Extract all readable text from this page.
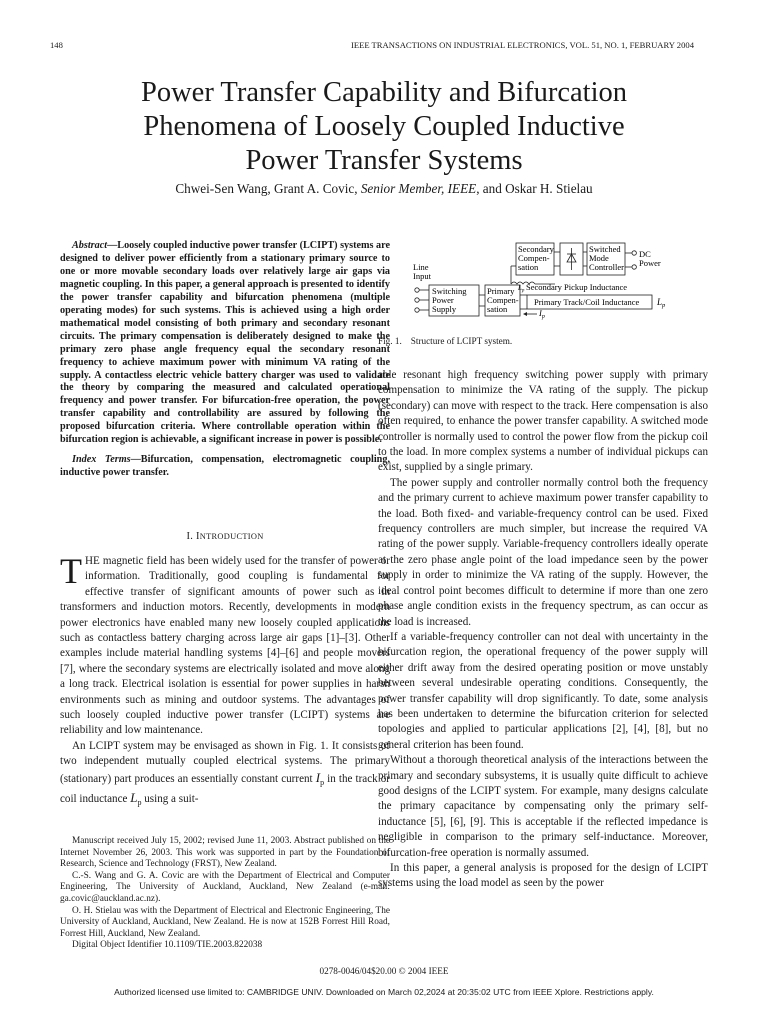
148	IEEE TRANSACTIONS ON INDUSTRIAL ELECTRONICS, VOL. 51, NO. 1, FEBRUARY 2004
Power Transfer Capability and Bifurcation
Phenomena of Loosely Coupled Inductive
Power Transfer Systems
Chwei-Sen Wang, Grant A. Covic, Senior Member, IEEE, and Oskar H. Stielau

Abstract—Loosely coupled inductive power transfer (LCIPT) systems are designed to deliver power efficiently from a stationary primary source to one or more movable secondary loads over relatively large air gaps via magnetic coupling. In this paper, a general approach is presented to identify the power transfer capability and bifurcation phenomena (multiple operating modes) for such systems. This is achieved using a high order mathematical model consisting of both primary and secondary resonant circuits. The primary compensation is deliberately designed to make the primary zero phase angle frequency equal the secondary resonant frequency to achieve maximum power with minimum VA rating of the supply. A contactless electric vehicle battery charger was used to validate the theory by comparing the measured and calculated operational frequency and power transfer. For bifurcation-free operation, the power transfer capability and controllability are assured by following the proposed bifurcation criteria. Where controllable operation within the bifurcation region is achievable, a significant increase in power is possible.

Index Terms—Bifurcation, compensation, electromagnetic coupling, inductive power transfer.

I. INTRODUCTION

THE magnetic field has been widely used for the transfer of power or information. Traditionally, good coupling is fundamental for effective transfer of significant amounts of power such as in transformers and induction motors. Recently, developments in modern power electronics have enabled many new loosely coupled applications such as contactless battery charging across large air gaps [1]–[3]. Other examples include material handling systems [4]–[6] and people movers [7], where the secondary systems are electrically isolated and move along a long track. Electrical isolation is essential for power supplies in harsh environments such as mining and outdoor systems. The advantages of such loosely coupled inductive power transfer (LCIPT) systems are reliability and low maintenance.

An LCIPT system may be envisaged as shown in Fig. 1. It consists of two independent mutually coupled electrical systems. The primary (stationary) part produces an essentially constant current $I_p$ in the track or coil inductance $L_p$ using a suit-

Manuscript received July 15, 2002; revised June 11, 2003. Abstract published on the Internet November 26, 2003. This work was supported in part by the Foundation of Research, Science and Technology (FRST), New Zealand.

C.-S. Wang and G. A. Covic are with the Department of Electrical and Computer Engineering, The University of Auckland, Auckland, New Zealand (e-mail: ga.covic@auckland.ac.nz).

O. H. Stielau was with the Department of Electrical and Electronic Engineering, The University of Auckland, Auckland, New Zealand. He is now at 152B Forrest Hill Road, Forrest Hill, Auckland, New Zealand.

Digital Object Identifier 10.1109/TIE.2003.822038

Line
Input
Switching
Power
Supply
Primary
Compen-
sation
Primary Track/Coil Inductance $L_p$
$I_p$
$L_p$ Secondary Pickup Inductance
Secondary
Compen-
sation
Switched
Mode
Controller
DC
Power
Fig. 1. Structure of LCIPT system.

able resonant high frequency switching power supply with primary compensation to minimize the VA rating of the supply. The pickup (secondary) can move with respect to the track. Here compensation is also often required, to enhance the power transfer capability. A switched mode controller is normally used to control the power flow from the pickup coil to the load. In more complex systems a number of individual pickups can exist, supplied by a single primary.

The power supply and controller normally control both the frequency and the primary current to achieve maximum power transfer capability to the load. Both fixed- and variable-frequency control can be used. Fixed frequency controllers are much simpler, but increase the required VA rating of the power supply. Variable-frequency controllers ideally operate at the zero phase angle point of the load impedance seen by the power supply in order to minimize the VA rating of the supply. However, the ideal control point becomes difficult to determine if more than one zero phase angle condition exists in the frequency spectrum, as can occur as the load is increased.

If a variable-frequency controller can not deal with uncertainty in the bifurcation region, the operational frequency of the power supply will either drift away from the desired operating position or move unstably between several undesirable operating conditions. Consequently, the power transfer capability will drop significantly. To date, some analysis has been undertaken to determine the bifurcation criterion for selected topologies and applied to particular applications [2], [4], [8], but no general criterion has been found.

Without a thorough theoretical analysis of the interactions between the primary and secondary subsystems, it is usually quite difficult to achieve good designs of the LCIPT system. For example, many designs calculate the primary capacitance by compensating only the primary self-inductance [5], [6], [9]. This is acceptable if the reflected impedance is negligible in comparison to the primary self-inductance. Moreover, bifurcation-free operation is normally assumed.

In this paper, a general analysis is proposed for the design of LCIPT systems using the load model as seen by the power

0278-0046/04$20.00 © 2004 IEEE
Authorized licensed use limited to: CAMBRIDGE UNIV. Downloaded on March 02,2024 at 20:35:02 UTC from IEEE Xplore. Restrictions apply.
